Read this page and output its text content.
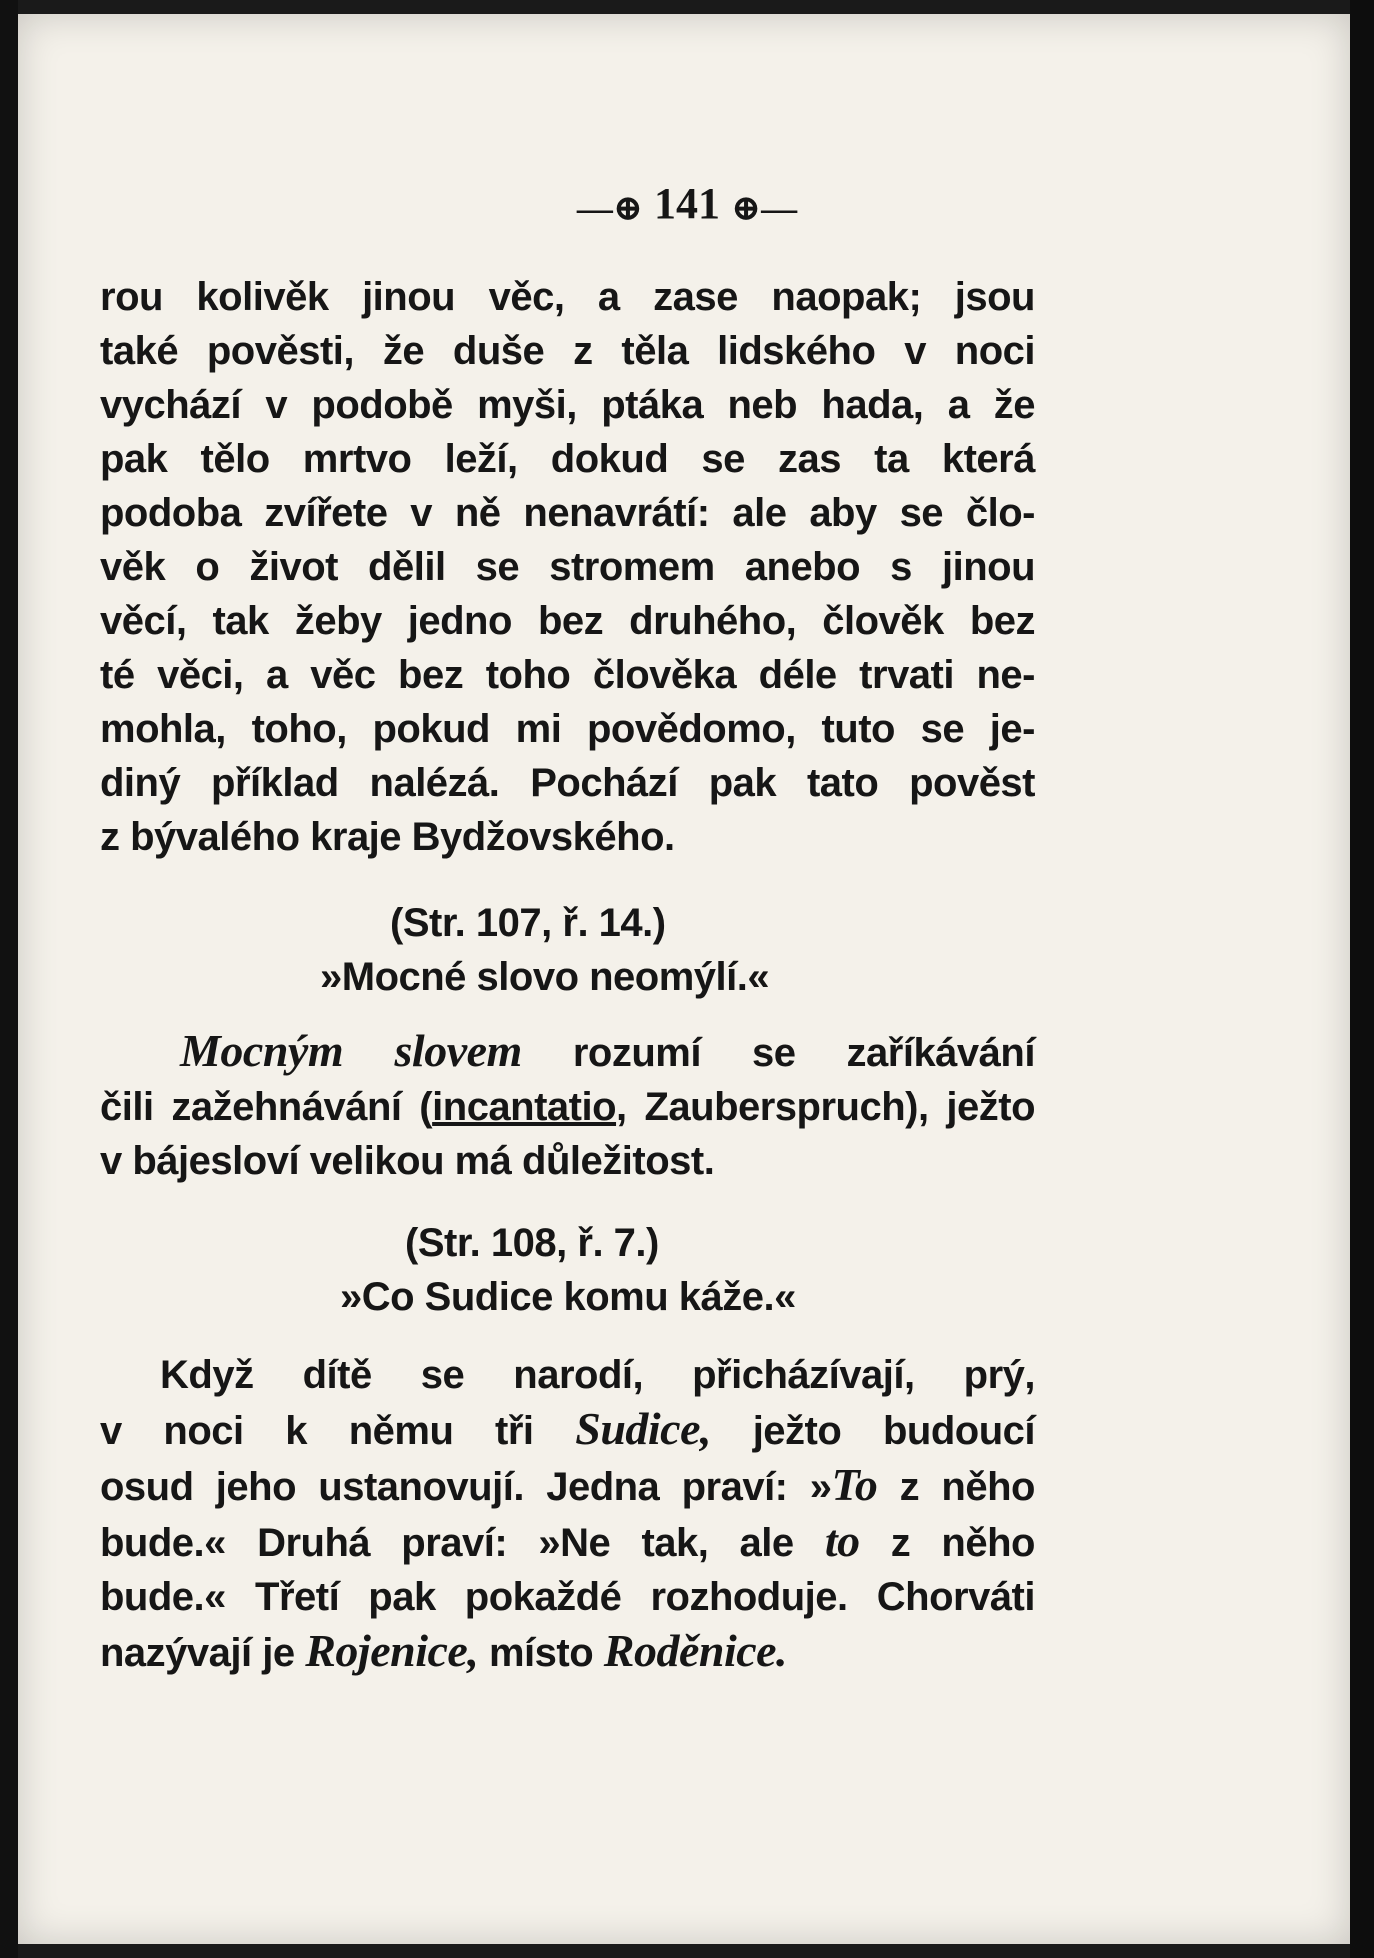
—⊕ 141 ⊕—
rou kolivěk jinou věc, a zase naopak; jsou
také pověsti, že duše z těla lidského v noci
vychází v podobě myši, ptáka neb hada, a že
pak tělo mrtvo leží, dokud se zas ta která
podoba zvířete v ně nenavrátí: ale aby se člo-
věk o život dělil se stromem anebo s jinou
věcí, tak žeby jedno bez druhého, člověk bez
té věci, a věc bez toho člověka déle trvati ne-
mohla, toho, pokud mi povědomo, tuto se je-
diný příklad nalézá. Pochází pak tato pověst
z bývalého kraje Bydžovského.
(Str. 107, ř. 14.)
»Mocné slovo neomýlí.«
Mocným slovem rozumí se zaříkávání
čili zažehnávání (incantatio, Zauberspruch), ježto
v bájesloví velikou má důležitost.
(Str. 108, ř. 7.)
»Co Sudice komu káže.«
Když dítě se narodí, přicházívají, prý,
v noci k němu tři Sudice, ježto budoucí
osud jeho ustanovují. Jedna praví: »To z něho
bude.« Druhá praví: »Ne tak, ale to z něho
bude.« Třetí pak pokaždé rozhoduje. Chorváti
nazývají je Rojenice, místo Roděnice.
